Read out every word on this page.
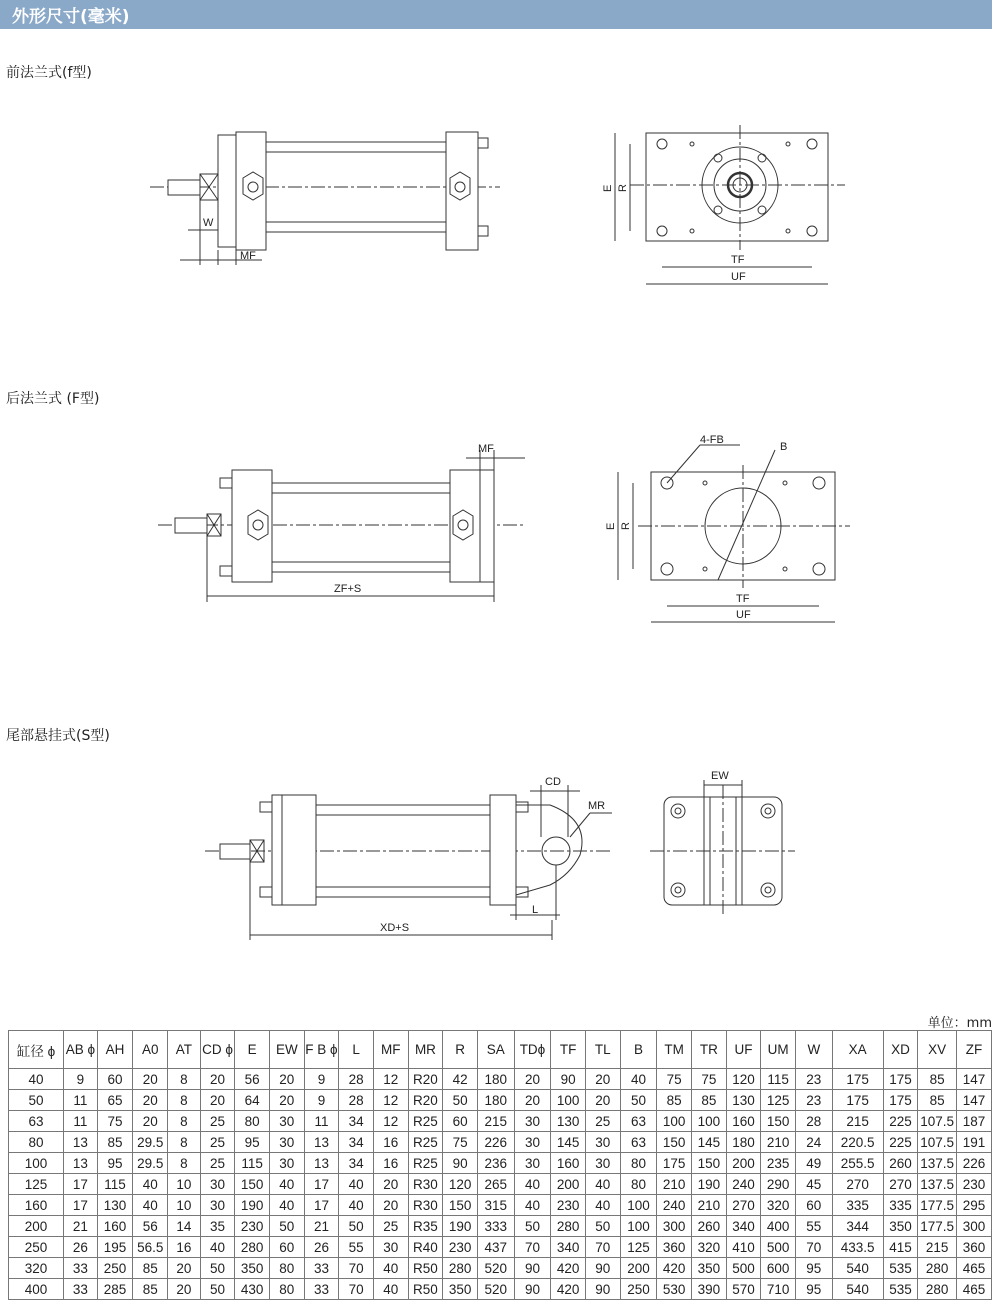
外形尺寸(毫米)
前法兰式(f型)
W
MF
E R
TF
UF
后法兰式 (F型)
MF
ZF+S
4-FB
B
E R
TF
UF
尾部悬挂式(S型)
CD
MR
L
XD+S
EW
单位：mm
缸径 ϕ	AB ϕ	AH	A0	AT	CD ϕ	E	EW	F B ϕ	L	MF	MR	R	SA	TDϕ	TF	TL	B	TM	TR	UF	UM	W	XA	XD	XV	ZF
40	9	60	20	8	20	56	20	9	28	12	R20	42	180	20	90	20	40	75	75	120	115	23	175	175	85	147
50	11	65	20	8	20	64	20	9	28	12	R20	50	180	20	100	20	50	85	85	130	125	23	175	175	85	147
63	11	75	20	8	25	80	30	11	34	12	R25	60	215	30	130	25	63	100	100	160	150	28	215	225	107.5	187
80	13	85	29.5	8	25	95	30	13	34	16	R25	75	226	30	145	30	63	150	145	180	210	24	220.5	225	107.5	191
100	13	95	29.5	8	25	115	30	13	34	16	R25	90	236	30	160	30	80	175	150	200	235	49	255.5	260	137.5	226
125	17	115	40	10	30	150	40	17	40	20	R30	120	265	40	200	40	80	210	190	240	290	45	270	270	137.5	230
160	17	130	40	10	30	190	40	17	40	20	R30	150	315	40	230	40	100	240	210	270	320	60	335	335	177.5	295
200	21	160	56	14	35	230	50	21	50	25	R35	190	333	50	280	50	100	300	260	340	400	55	344	350	177.5	300
250	26	195	56.5	16	40	280	60	26	55	30	R40	230	437	70	340	70	125	360	320	410	500	70	433.5	415	215	360
320	33	250	85	20	50	350	80	33	70	40	R50	280	520	90	420	90	200	420	350	500	600	95	540	535	280	465
400	33	285	85	20	50	430	80	33	70	40	R50	350	520	90	420	90	250	530	390	570	710	95	540	535	280	465
